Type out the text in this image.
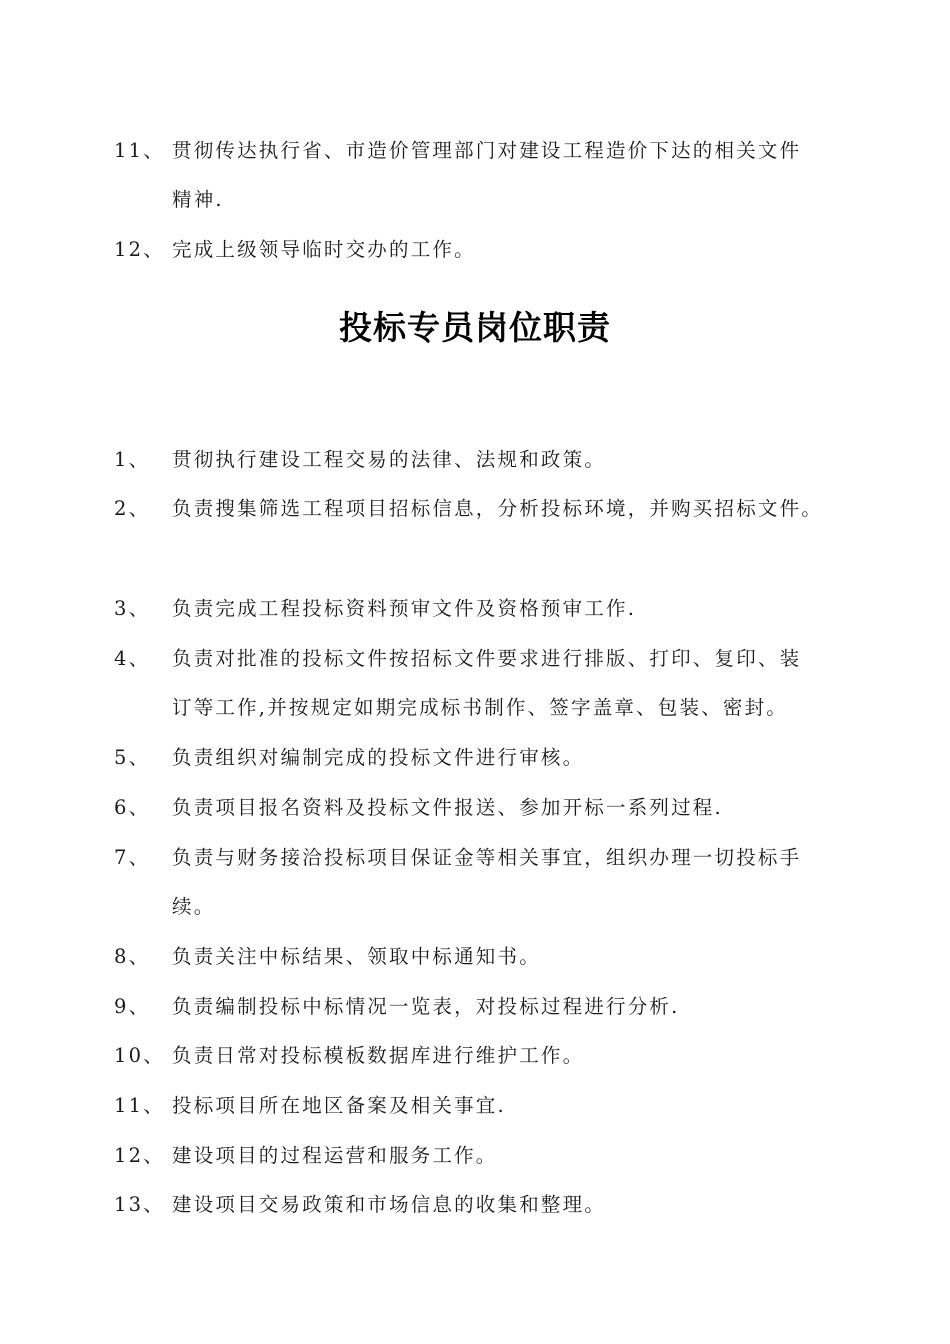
11、 贯彻传达执行省、市造价管理部门对建设工程造价下达的相关文件
精神.
12、 完成上级领导临时交办的工作。
投标专员岗位职责
1、	贯彻执行建设工程交易的法律、法规和政策。
2、	负责搜集筛选工程项目招标信息，分析投标环境，并购买招标文件。
3、	负责完成工程投标资料预审文件及资格预审工作.
4、	负责对批准的投标文件按招标文件要求进行排版、打印、复印、装
订等工作,并按规定如期完成标书制作、签字盖章、包装、密封。
5、	负责组织对编制完成的投标文件进行审核。
6、	负责项目报名资料及投标文件报送、参加开标一系列过程.
7、	负责与财务接洽投标项目保证金等相关事宜，组织办理一切投标手
续。
8、	负责关注中标结果、领取中标通知书。
9、	负责编制投标中标情况一览表，对投标过程进行分析.
10、 负责日常对投标模板数据库进行维护工作。
11、 投标项目所在地区备案及相关事宜.
12、 建设项目的过程运营和服务工作。
13、 建设项目交易政策和市场信息的收集和整理。
